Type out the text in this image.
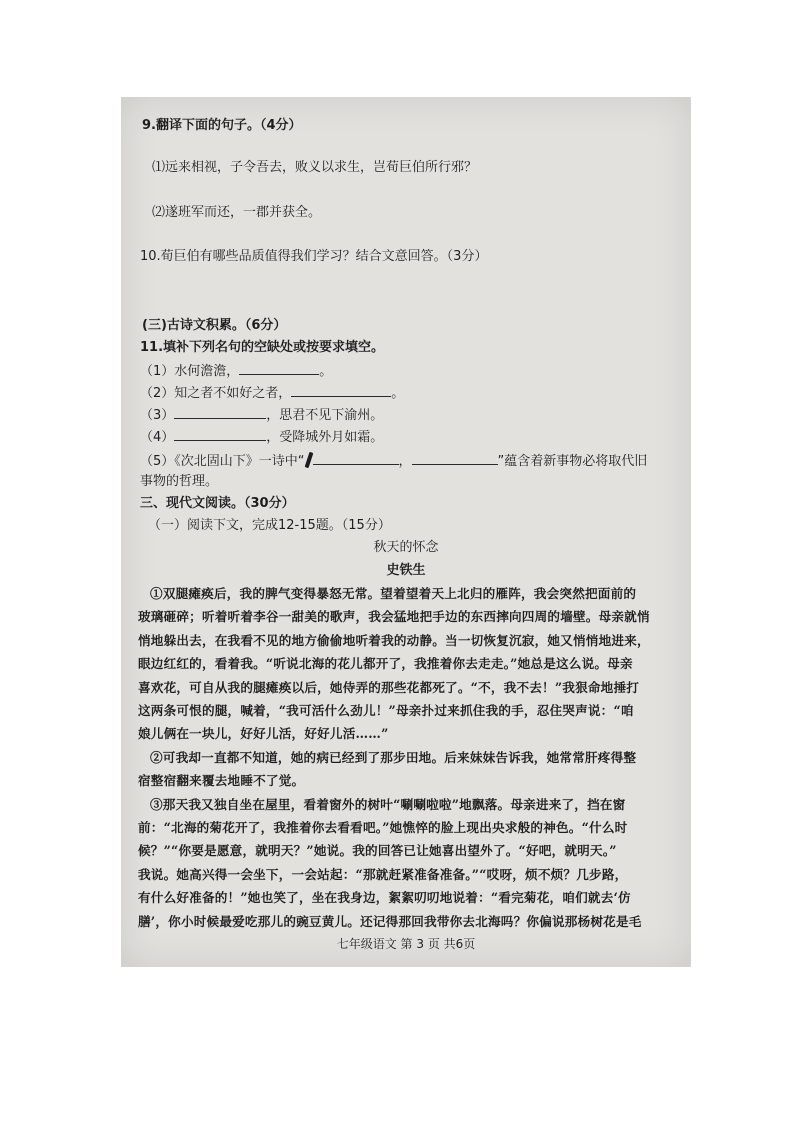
9.翻译下面的句子。（4分）
⑴远来相视，子令吾去，败义以求生，岂荀巨伯所行邪？
⑵遂班军而还，一郡并获全。
10.荀巨伯有哪些品质值得我们学习？结合文意回答。（3分）
(三)古诗文积累。（6分）
11.填补下列名句的空缺处或按要求填空。
（1）水何澹澹，	。
（2）知之者不如好之者，	。
（3）	，思君不见下渝州。
（4）	，受降城外月如霜。
（5）《次北固山下》一诗中“	，	”蕴含着新事物必将取代旧
事物的哲理。
三、现代文阅读。（30分）
（一）阅读下文，完成12-15题。（15分）
秋天的怀念
史铁生
①双腿瘫痪后，我的脾气变得暴怒无常。望着望着天上北归的雁阵，我会突然把面前的
玻璃砸碎；听着听着李谷一甜美的歌声，我会猛地把手边的东西摔向四周的墙壁。母亲就悄
悄地躲出去，在我看不见的地方偷偷地听着我的动静。当一切恢复沉寂，她又悄悄地进来，
眼边红红的，看着我。“听说北海的花儿都开了，我推着你去走走。”她总是这么说。母亲
喜欢花，可自从我的腿瘫痪以后，她侍弄的那些花都死了。“不，我不去！”我狠命地捶打
这两条可恨的腿，喊着，“我可活什么劲儿！”母亲扑过来抓住我的手，忍住哭声说：“咱
娘儿俩在一块儿，好好儿活，好好儿活……”
②可我却一直都不知道，她的病已经到了那步田地。后来妹妹告诉我，她常常肝疼得整
宿整宿翻来覆去地睡不了觉。
③那天我又独自坐在屋里，看着窗外的树叶“唰唰啦啦”地飘落。母亲进来了，挡在窗
前：“北海的菊花开了，我推着你去看看吧。”她憔悴的脸上现出央求般的神色。“什么时
候？”“你要是愿意，就明天？”她说。我的回答已让她喜出望外了。“好吧，就明天。”
我说。她高兴得一会坐下，一会站起：“那就赶紧准备准备。”“哎呀，烦不烦？几步路，
有什么好准备的！”她也笑了，坐在我身边，絮絮叨叨地说着：“看完菊花，咱们就去‘仿
膳’，你小时候最爱吃那儿的豌豆黄儿。还记得那回我带你去北海吗？你偏说那杨树花是毛
七年级语文 第 3 页 共6页
